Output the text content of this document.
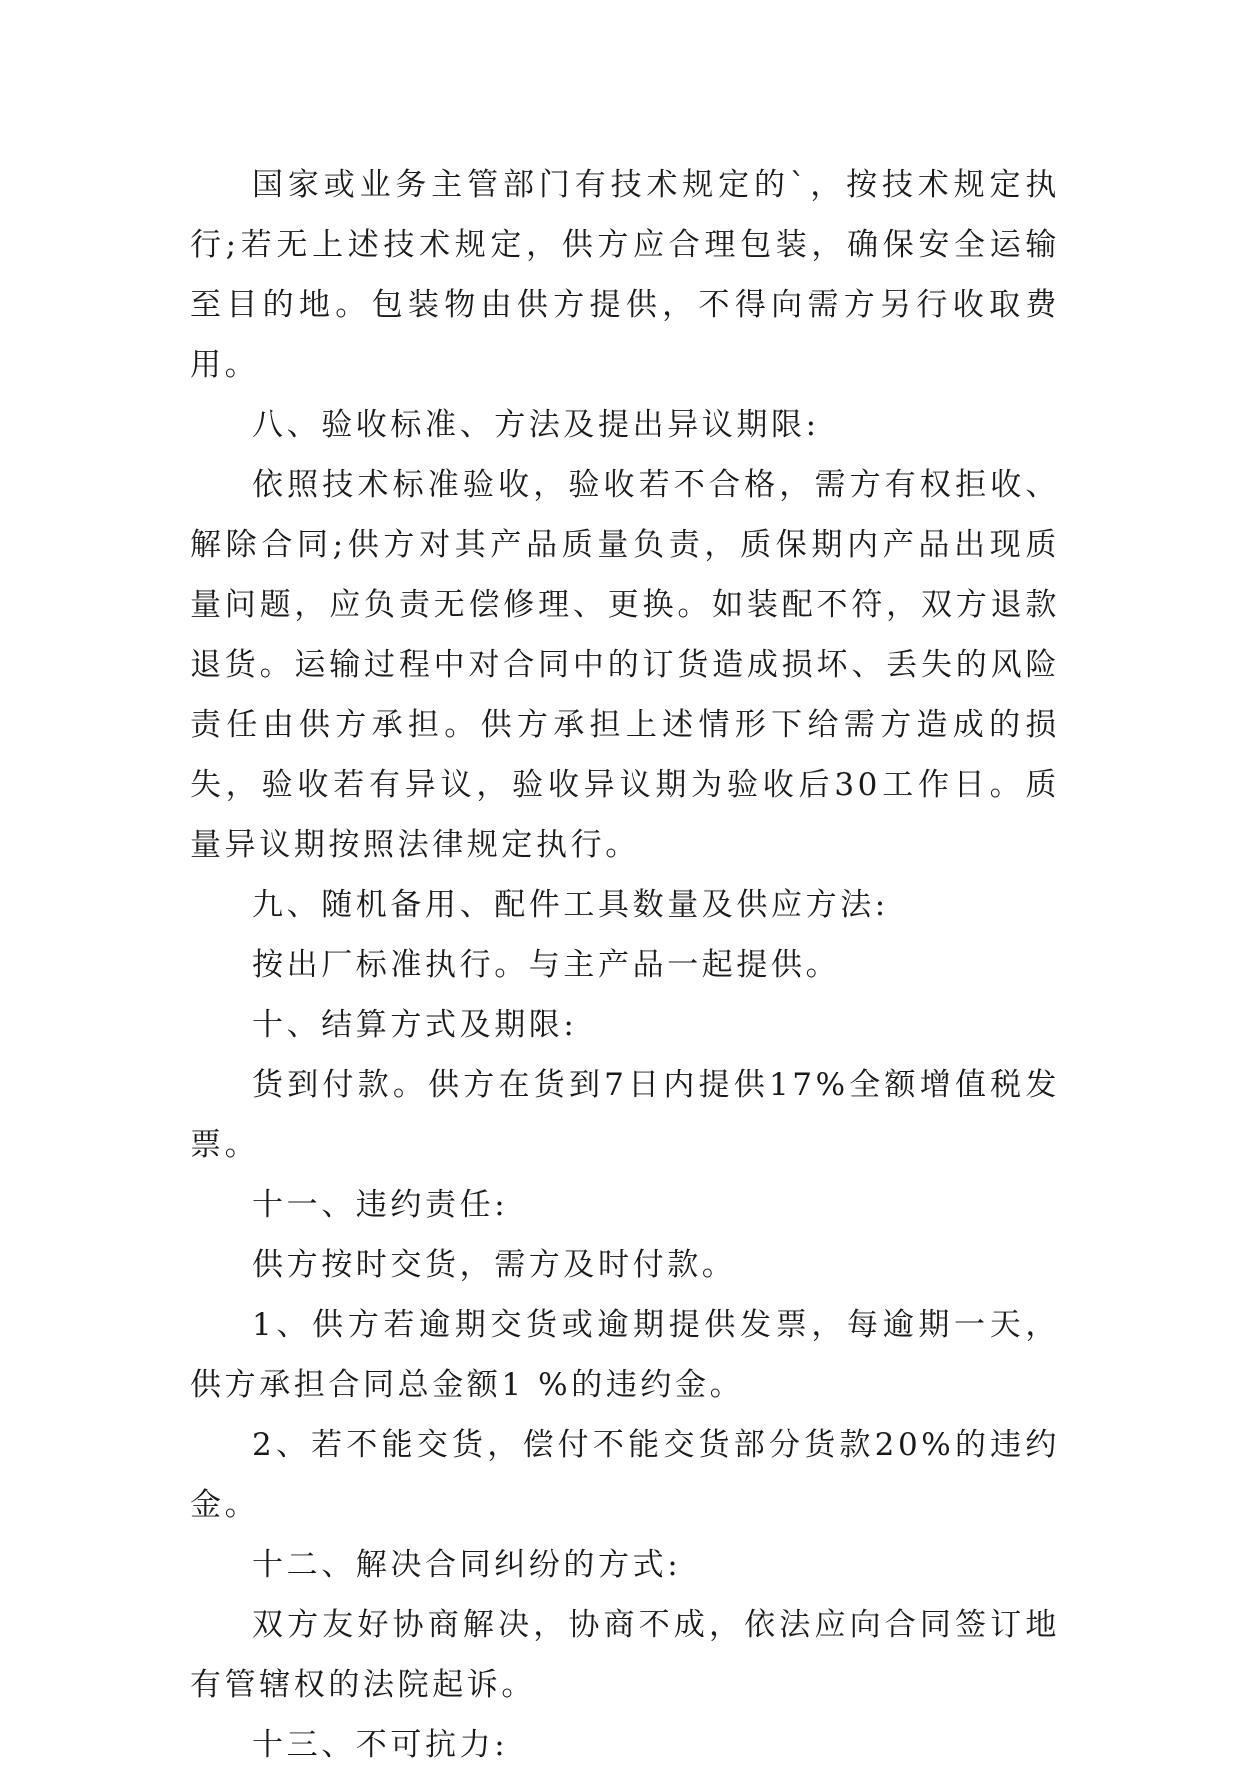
国家或业务主管部门有技术规定的`，按技术规定执行;若无上述技术规定，供方应合理包装，确保安全运输至目的地。包装物由供方提供，不得向需方另行收取费用。

八、验收标准、方法及提出异议期限:

依照技术标准验收，验收若不合格，需方有权拒收、解除合同;供方对其产品质量负责，质保期内产品出现质量问题，应负责无偿修理、更换。如装配不符，双方退款退货。运输过程中对合同中的订货造成损坏、丢失的风险责任由供方承担。供方承担上述情形下给需方造成的损失，验收若有异议，验收异议期为验收后30工作日。质量异议期按照法律规定执行。

九、随机备用、配件工具数量及供应方法:

按出厂标准执行。与主产品一起提供。

十、结算方式及期限:

货到付款。供方在货到7日内提供17%全额增值税发票。

十一、违约责任:

供方按时交货，需方及时付款。

1、供方若逾期交货或逾期提供发票，每逾期一天，供方承担合同总金额1 %的违约金。

2、若不能交货，偿付不能交货部分货款20%的违约金。

十二、解决合同纠纷的方式:

双方友好协商解决，协商不成，依法应向合同签订地有管辖权的法院起诉。

十三、不可抗力:
